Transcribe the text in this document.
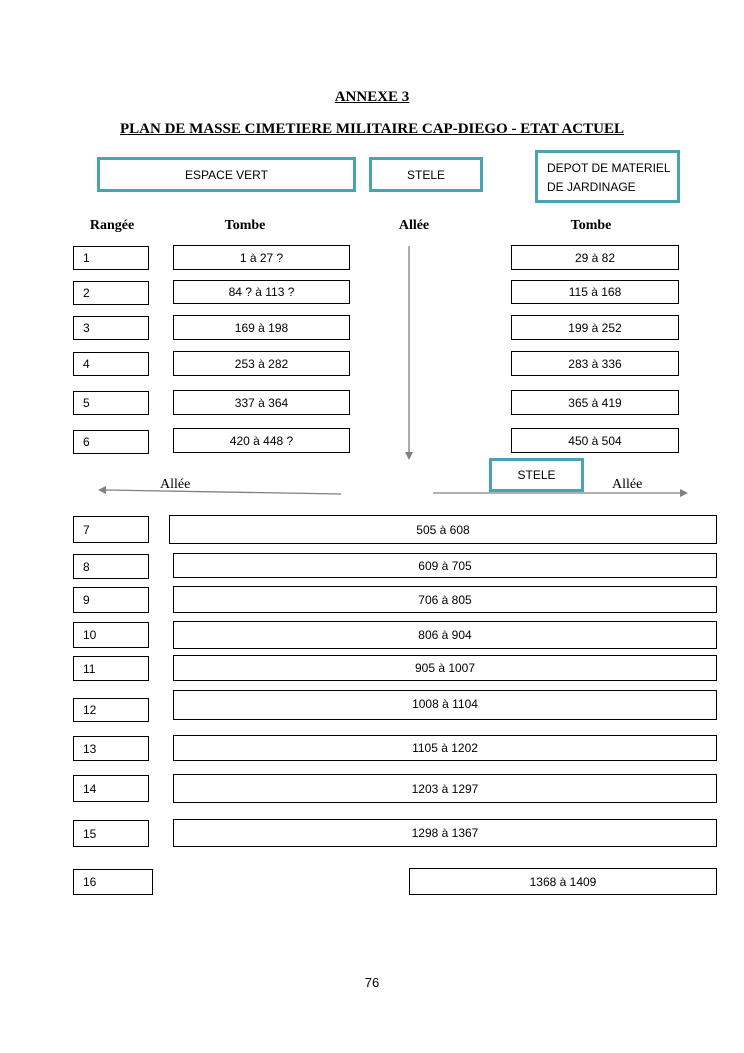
ANNEXE 3
PLAN DE MASSE CIMETIERE MILITAIRE CAP-DIEGO - ETAT ACTUEL
ESPACE VERT	STELE	DEPOT DE MATERIEL
DE JARDINAGE
Rangée	Tombe	Allée	Tombe
1	1 à 27 ?	29 à 82
2	84 ? à 113 ?	115 à 168
3	169 à 198	199 à 252
4	253 à 282	283 à 336
5	337 à 364	365 à 419
6	420 à 448 ?	450 à 504
STELE
Allée	Allée
7	505 à 608
8	609 à 705
9	706 à 805
10	806 à 904
11	905 à 1007
12	1008 à 1104
13	1105 à 1202
14	1203 à 1297
15	1298 à 1367
16	1368 à 1409
76
